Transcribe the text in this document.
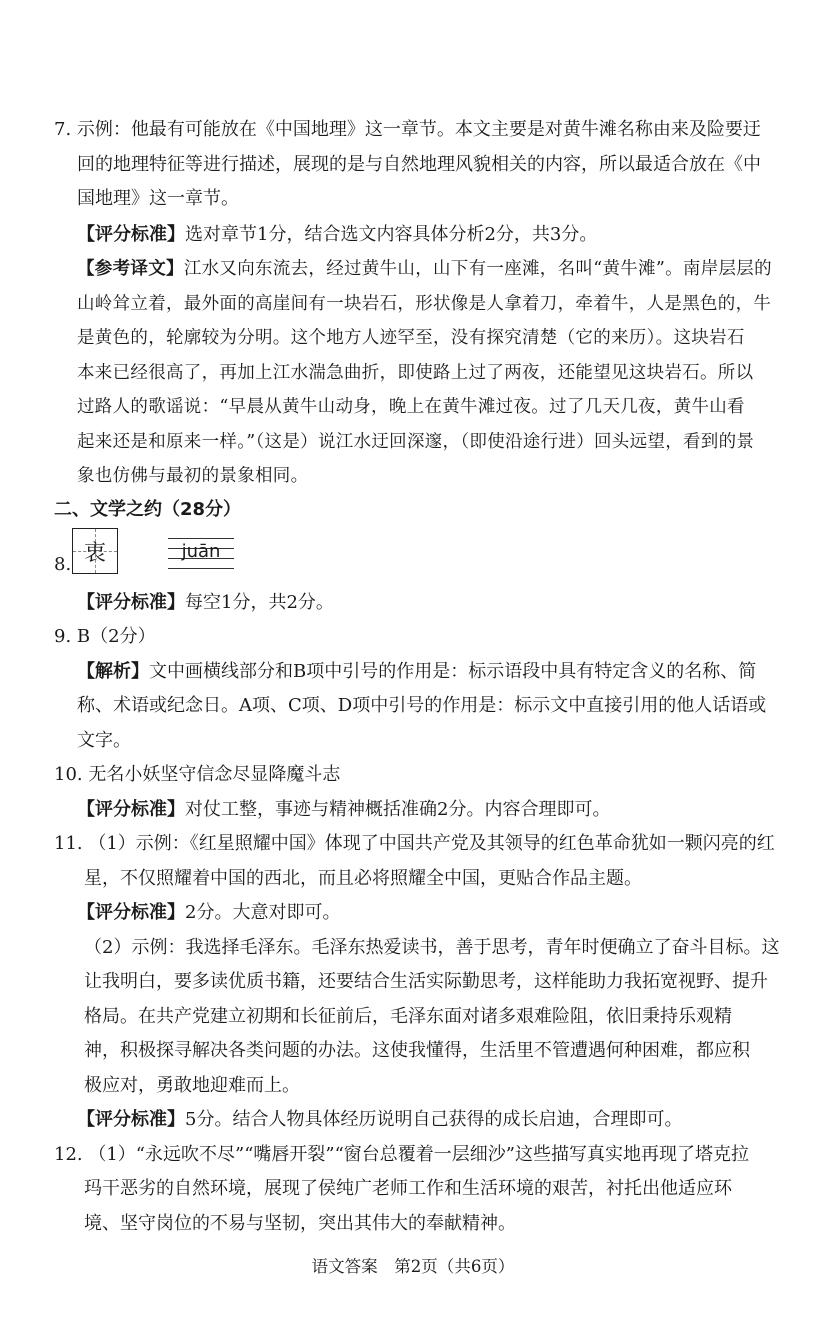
7. 示例：他最有可能放在《中国地理》这一章节。本文主要是对黄牛滩名称由来及险要迂
回的地理特征等进行描述，展现的是与自然地理风貌相关的内容，所以最适合放在《中
国地理》这一章节。
【评分标准】选对章节1分，结合选文内容具体分析2分，共3分。
【参考译文】江水又向东流去，经过黄牛山，山下有一座滩，名叫“黄牛滩”。南岸层层的
山岭耸立着，最外面的高崖间有一块岩石，形状像是人拿着刀，牵着牛，人是黑色的，牛
是黄色的，轮廓较为分明。这个地方人迹罕至，没有探究清楚（它的来历）。这块岩石
本来已经很高了，再加上江水湍急曲折，即使路上过了两夜，还能望见这块岩石。所以
过路人的歌谣说：“早晨从黄牛山动身，晚上在黄牛滩过夜。过了几天几夜，黄牛山看
起来还是和原来一样。”（这是）说江水迂回深邃，（即使沿途行进）回头远望，看到的景
象也仿佛与最初的景象相同。
二、文学之约（28分）
8. 衷	juān
【评分标准】每空1分，共2分。
9. B（2分）
【解析】文中画横线部分和B项中引号的作用是：标示语段中具有特定含义的名称、简
称、术语或纪念日。A项、C项、D项中引号的作用是：标示文中直接引用的他人话语或
文字。
10. 无名小妖坚守信念尽显降魔斗志
【评分标准】对仗工整，事迹与精神概括准确2分。内容合理即可。
11. （1）示例：《红星照耀中国》体现了中国共产党及其领导的红色革命犹如一颗闪亮的红
星，不仅照耀着中国的西北，而且必将照耀全中国，更贴合作品主题。
【评分标准】2分。大意对即可。
（2）示例：我选择毛泽东。毛泽东热爱读书，善于思考，青年时便确立了奋斗目标。这
让我明白，要多读优质书籍，还要结合生活实际勤思考，这样能助力我拓宽视野、提升
格局。在共产党建立初期和长征前后，毛泽东面对诸多艰难险阻，依旧秉持乐观精
神，积极探寻解决各类问题的办法。这使我懂得，生活里不管遭遇何种困难，都应积
极应对，勇敢地迎难而上。
【评分标准】5分。结合人物具体经历说明自己获得的成长启迪，合理即可。
12. （1）“永远吹不尽”“嘴唇开裂”“窗台总覆着一层细沙”这些描写真实地再现了塔克拉
玛干恶劣的自然环境，展现了侯纯广老师工作和生活环境的艰苦，衬托出他适应环
境、坚守岗位的不易与坚韧，突出其伟大的奉献精神。
语文答案　第2页（共6页）
